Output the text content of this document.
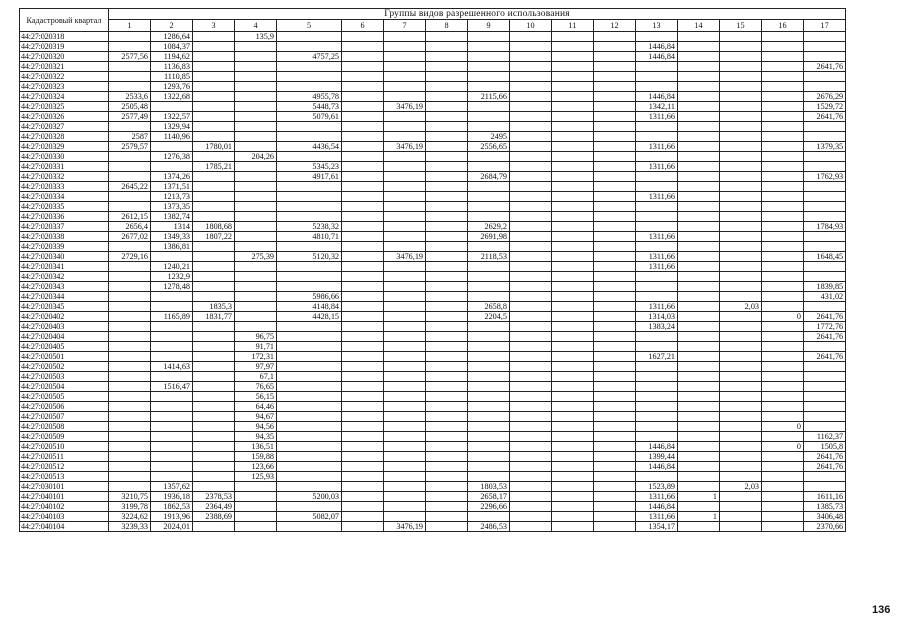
Кадастровый квартал	Группы видов разрешенного использования																
	1	2	3	4	5	6	7	8	9	10	11	12	13	14	15	16	17
44:27:020318		1286,64		135,9													
44:27:020319		1084,37											1446,84				
44:27:020320	2577,56	1194,62			4757,25								1446,84				
44:27:020321		1136,83															2641,76
44:27:020322		1110,85															
44:27:020323		1293,76															
44:27:020324	2533,6	1322,68			4955,78				2115,66				1446,84				2676,29
44:27:020325	2505,48				5448,73		3476,19						1342,11				1529,72
44:27:020326	2577,49	1322,57			5079,61								1311,66				2641,76
44:27:020327		1329,94															
44:27:020328	2587	1140,96							2495								
44:27:020329	2579,57		1780,01		4436,54		3476,19		2556,65				1311,66				1379,35
44:27:020330		1276,38		204,26													
44:27:020331			1785,21		5345,23								1311,66				
44:27:020332		1374,26			4917,61				2684,79								1762,93
44:27:020333	2645,22	1371,51															
44:27:020334		1213,73											1311,66				
44:27:020335		1373,35															
44:27:020336	2612,15	1382,74															
44:27:020337	2656,4	1314	1808,68		5238,32				2629,2								1784,93
44:27:020338	2677,02	1349,33	1807,22		4810,71				2691,98				1311,66				
44:27:020339		1386,81															
44:27:020340	2729,16			275,39	5120,32		3476,19		2118,53				1311,66				1648,45
44:27:020341		1240,21											1311,66				
44:27:020342		1232,9															
44:27:020343		1278,48															1839,85
44:27:020344					5986,66												431,02
44:27:020345			1835,3		4148,84				2658,8				1311,66		2,03		
44:27:020402		1165,89	1831,77		4428,15				2204,5				1314,03			0	2641,76
44:27:020403													1383,24				1772,76
44:27:020404				96,75													2641,76
44:27:020405				91,71													
44:27:020501				172,31									1627,21				2641,76
44:27:020502		1414,63		97,97													
44:27:020503				67,1													
44:27:020504		1516,47		76,65													
44:27:020505				56,15													
44:27:020506				64,46													
44:27:020507				94,67													
44:27:020508				94,56												0	
44:27:020509				94,35													1162,37
44:27:020510				136,51									1446,84			0	1505,8
44:27:020511				159,88									1399,44				2641,76
44:27:020512				123,66									1446,84				2641,76
44:27:020513				125,93													
44:27:030101		1357,62							1803,53				1523,89		2,03		
44:27:040101	3210,75	1936,18	2378,53		5200,03				2658,17				1311,66	1			1611,16
44:27:040102	3199,78	1862,53	2364,49						2296,66				1446,84				1385,73
44:27:040103	3224,62	1913,96	2388,69		5082,07								1311,66	1			3406,48
44:27:040104	3239,33	2024,01					3476,19		2486,53				1354,17				2370,66
136
